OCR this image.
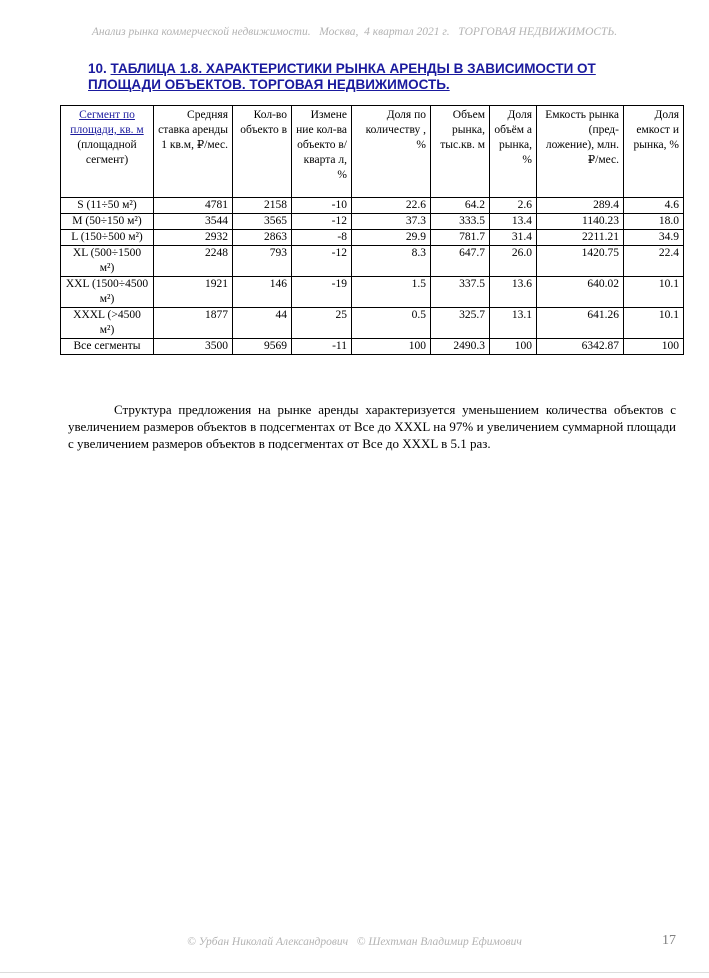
Анализ рынка коммерческой недвижимости.   Москва,  4 квартал 2021 г.   ТОРГОВАЯ НЕДВИЖИМОСТЬ.
10. ТАБЛИЦА 1.8. ХАРАКТЕРИСТИКИ РЫНКА АРЕНДЫ В ЗАВИСИМОСТИ ОТ ПЛОЩАДИ ОБЪЕКТОВ. ТОРГОВАЯ НЕДВИЖИМОСТЬ.
Сегмент по площади, кв. м
(площадной сегмент)	Средняя ставка аренды 1 кв.м, ₽/мес.	Кол-во объекто в	Измене ние кол-ва объекто в/кварта л, %	Доля по количеству , %	Объем рынка, тыс.кв. м	Доля объём а рынка, %	Емкость рынка (пред-ложение), млн.₽/мес.	Доля емкост и рынка, %
S (11÷50 м²)	4781	2158	-10	22.6	64.2	2.6	289.4	4.6
M (50÷150 м²)	3544	3565	-12	37.3	333.5	13.4	1140.23	18.0
L (150÷500 м²)	2932	2863	-8	29.9	781.7	31.4	2211.21	34.9
XL (500÷1500 м²)	2248	793	-12	8.3	647.7	26.0	1420.75	22.4
XXL (1500÷4500 м²)	1921	146	-19	1.5	337.5	13.6	640.02	10.1
XXXL (>4500 м²)	1877	44	25	0.5	325.7	13.1	641.26	10.1
Все сегменты	3500	9569	-11	100	2490.3	100	6342.87	100

Структура предложения на рынке аренды характеризуется уменьшением количества объектов с увеличением размеров объектов в подсегментах от Все до XXXL на 97% и увеличением суммарной площади с увеличением размеров объектов в подсегментах от Все до XXXL в 5.1 раз.

© Урбан Николай Александрович   © Шехтман Владимир Ефимович	17
